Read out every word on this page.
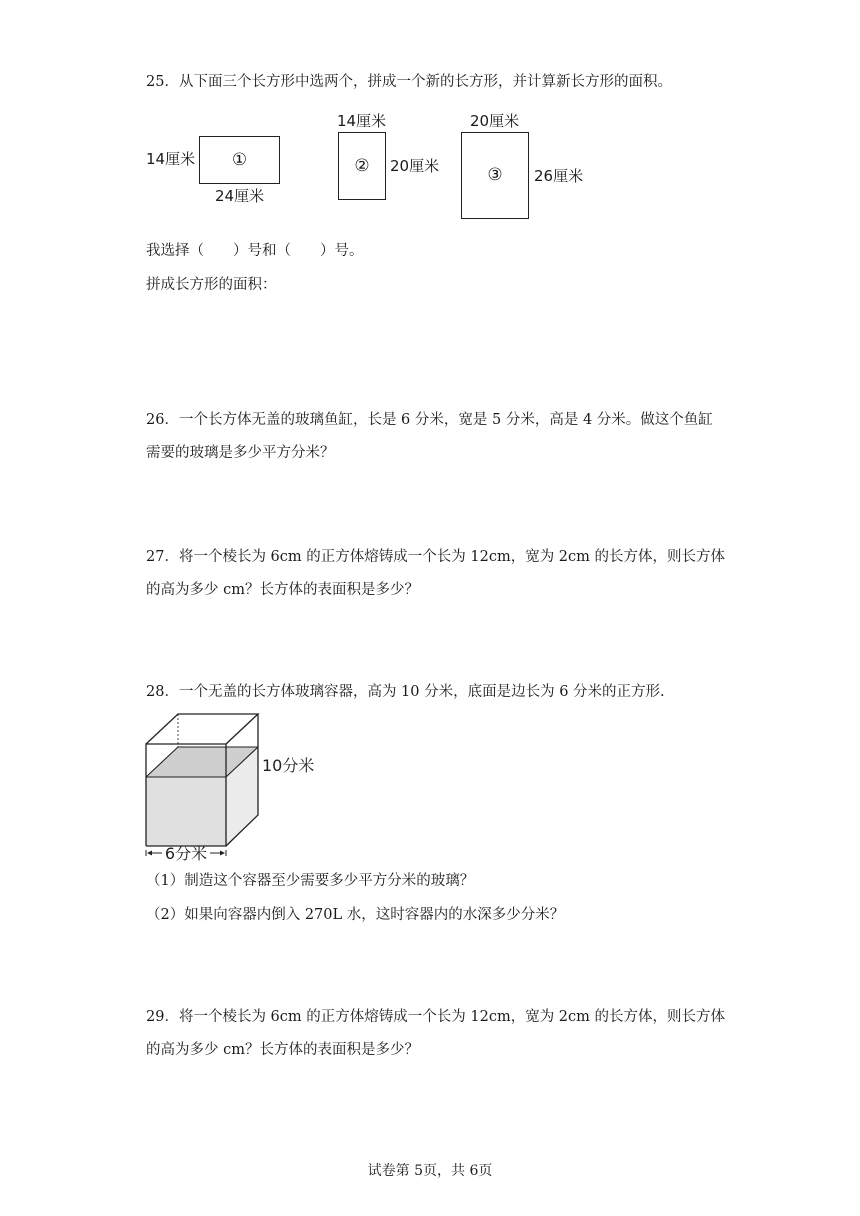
25．从下面三个长方形中选两个，拼成一个新的长方形，并计算新长方形的面积。
14厘米	①
24厘米
14厘米
②	20厘米
20厘米
③	26厘米
我选择（　　）号和（　　）号。
拼成长方形的面积：
26．一个长方体无盖的玻璃鱼缸，长是 6 分米，宽是 5 分米，高是 4 分米。做这个鱼缸
需要的玻璃是多少平方分米？
27．将一个棱长为 6cm 的正方体熔铸成一个长为 12cm，宽为 2cm 的长方体，则长方体
的高为多少 cm？长方体的表面积是多少？
28．一个无盖的长方体玻璃容器，高为 10 分米，底面是边长为 6 分米的正方形.
6分米
10分米
（1）制造这个容器至少需要多少平方分米的玻璃？
（2）如果向容器内倒入 270L 水，这时容器内的水深多少分米？
29．将一个棱长为 6cm 的正方体熔铸成一个长为 12cm，宽为 2cm 的长方体，则长方体
的高为多少 cm？长方体的表面积是多少？
试卷第 5页，共 6页
